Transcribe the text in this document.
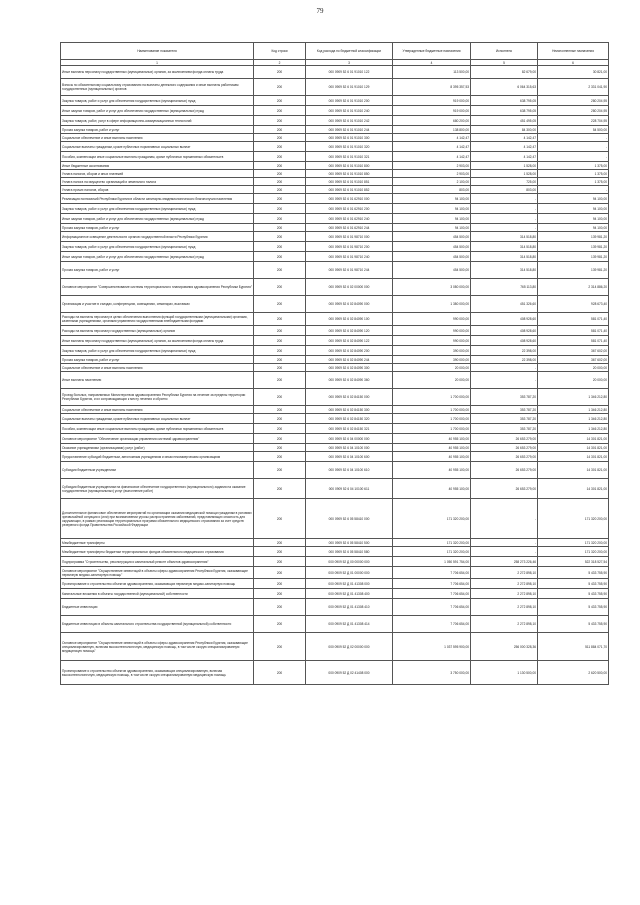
79
Наименование показателя	Код строки	Код расхода по бюджетной классификации	Утвержденные бюджетные назначения	Исполнено	Неисполненные назначения
1	2	3	4	5	6
Иные выплаты персоналу государственных (муниципальных) органов, за исключением фонда оплаты труда	200	000 0909 52 6 01 91010 122	113 500,00	82 679,00	30 821,00
Взносы по обязательному социальному страхованию на выплаты денежного содержания и иные выплаты работникам государственных (муниципальных) органов	200	000 0909 52 6 01 91010 129	8 395 357,53	6 064 315,63	2 331 041,90
Закупка товаров, работ и услуг для обеспечения государственных (муниципальных) нужд	200	000 0909 52 6 01 91010 200	919 000,00	638 795,05	280 204,95
Иные закупки товаров, работ и услуг для обеспечения государственных (муниципальных) нужд	200	000 0909 52 6 01 91010 240	919 000,00	638 795,05	280 204,95
Закупка товаров, работ, услуг в сфере информационно-коммуникационных технологий	200	000 0909 52 6 01 91010 242	680 200,00	451 495,05	228 704,95
Прочая закупка товаров, работ и услуг	200	000 0909 52 6 01 91010 244	138 800,00	84 300,00	54 500,00
Социальное обеспечение и иные выплаты населению	200	000 0909 52 6 01 91010 300	4 142,47	4 142,47	-
Социальные выплаты гражданам, кроме публичных нормативных социальных выплат	200	000 0909 52 6 01 91010 320	4 142,47	4 142,47	-
Пособия, компенсации иные социальные выплаты гражданам, кроме публичных нормативных обязательств	200	000 0909 52 6 01 91010 321	4 142,47	4 142,47	-
Иные бюджетные ассигнования	200	000 0909 52 6 01 91010 800	2 903,00	1 528,00	1 375,00
Уплата налогов, сборов и иных платежей	200	000 0909 52 6 01 91010 850	2 903,00	1 528,00	1 375,00
Уплата налога на имущество организаций и земельного налога	200	000 0909 52 6 01 91010 851	2 100,00	725,00	1 375,00
Уплата прочих налогов, сборов	200	000 0909 52 6 01 91010 852	803,00	803,00	-
Реализация полномочий Республики Бурятия в области санитарно-эпидемиологического благополучия населения	200	000 0909 52 6 01 62910 000	94 100,00	-	94 100,00
Закупка товаров, работ и услуг для обеспечения государственных (муниципальных) нужд	200	000 0909 52 6 01 62910 200	94 100,00	-	94 100,00
Иные закупки товаров, работ и услуг для обеспечения государственных (муниципальных) нужд	200	000 0909 52 6 01 62910 240	94 100,00	-	94 100,00
Прочая закупка товаров, работ и услуг	200	000 0909 52 6 01 62910 244	94 100,00	-	94 100,00
Информационное освещение деятельности органов государственной власти Республики Бурятия	200	000 0909 52 6 01 98710 000	454 500,00	314 518,80	139 981,20
Закупка товаров, работ и услуг для обеспечения государственных (муниципальных) нужд	200	000 0909 52 6 01 98710 200	454 500,00	314 518,80	139 981,20
Иные закупки товаров, работ и услуг для обеспечения государственных (муниципальных) нужд	200	000 0909 52 6 01 98710 240	454 500,00	314 518,80	139 981,20
Прочая закупка товаров, работ и услуг	200	000 0909 52 6 01 98710 244	454 500,00	314 518,80	139 981,20
Основное мероприятие "Совершенствование системы территориального планирования здравоохранения Республики Бурятия"	200	000 0909 52 6 02 00000 000	3 080 000,00	765 113,80	2 314 886,20
Организация и участие в съездах, конференциях, совещаниях, семинарах, выставках	200	000 0909 52 6 02 84090 000	1 380 000,00	451 326,60	928 673,40
Расходы на выплаты персоналу в целях обеспечения выполнения функций государственными (муниципальными) органами, казенными учреждениями, органами управления государственными внебюджетными фондами	200	000 0909 52 6 02 84090 100	990 000,00	408 928,60	581 071,40
Расходы на выплаты персоналу государственных (муниципальных) органов	200	000 0909 52 6 02 84090 120	990 000,00	408 928,60	581 071,40
Иные выплаты персоналу государственных (муниципальных) органов, за исключением фонда оплаты труда	200	000 0909 52 6 02 84090 122	990 000,00	408 928,60	581 071,40
Закупка товаров, работ и услуг для обеспечения государственных (муниципальных) нужд	200	000 0909 52 6 02 84090 200	390 000,00	22 398,00	367 602,00
Прочая закупка товаров, работ и услуг	200	000 0909 52 6 02 84090 244	390 000,00	22 398,00	367 602,00
Социальное обеспечение и иные выплаты населению	200	000 0909 52 6 02 84090 300	20 000,00	-	20 000,00
Иные выплаты населению	200	000 0909 52 6 02 84090 360	20 000,00	-	20 000,00
Проезд больных, направляемых Министерством здравоохранения Республики Бурятия на лечение за пределы территории Республики Бурятия, и их сопровождающих к месту лечения и обратно	200	000 0909 52 6 02 84150 000	1 700 000,00	353 787,20	1 346 212,80
Социальное обеспечение и иные выплаты населению	200	000 0909 52 6 02 84150 300	1 700 000,00	353 787,20	1 346 212,80
Социальные выплаты гражданам, кроме публичных нормативных социальных выплат	200	000 0909 52 6 02 84150 320	1 700 000,00	353 787,20	1 346 212,80
Пособия, компенсации иные социальные выплаты гражданам, кроме публичных нормативных обязательств	200	000 0909 52 6 02 84150 321	1 700 000,00	353 787,20	1 346 212,80
Основное мероприятие "Обеспечение организации управления системой здравоохранения"	200	000 0909 52 6 04 00000 000	40 955 100,00	26 653 279,00	14 301 821,00
Оказание учреждениями (организациями) услуг (работ)	200	000 0909 52 6 04 10100 000	40 955 100,00	26 653 279,00	14 301 821,00
Предоставление субсидий бюджетным, автономным учреждениям и иным некоммерческим организациям	200	000 0909 52 6 04 10100 600	40 955 100,00	26 653 279,00	14 301 821,00
Субсидии бюджетным учреждениям	200	000 0909 52 6 04 10100 610	40 955 100,00	26 653 279,00	14 301 821,00
Субсидии бюджетным учреждениям на финансовое обеспечение государственного (муниципального) задания на оказание государственных (муниципальных) услуг (выполнение работ)	200	000 0909 52 6 04 10100 611	40 955 100,00	26 653 279,00	14 301 821,00
Дополнительное финансовое обеспечение мероприятий по организации оказания медицинской помощи гражданам в условиях чрезвычайной ситуации и (или) при возникновении угрозы распространения заболеваний, представляющих опасность для окружающих, в рамках реализации территориальных программ обязательного медицинского страхования за счет средств резервного фонда Правительства Российской Федерации	200	000 0909 52 6 05 58410 000	171 320 200,00	-	171 320 200,00
Межбюджетные трансферты	200	000 0909 52 6 05 58410 500	171 320 200,00	-	171 320 200,00
Межбюджетные трансферты бюджетам территориальных фондов обязательного медицинского страхования	200	000 0909 52 6 05 58410 580	171 320 200,00	-	171 320 200,00
Подпрограмма "Строительство, реконструкция и капитальный ремонт объектов здравоохранения"	200	000 0909 52 Д 00 00000 000	1 050 591 754,00	258 273 226,46	522 318 527,54
Основное мероприятие "Осуществление инвестиций в объекты сферы здравоохранения Республики Бурятия, оказывающие первичную медико-санитарную помощь"	200	000 0909 52 Д 01 00000 000	7 706 654,00	2 272 898,10	5 433 755,90
Проектирование и строительство объектов здравоохранения, оказывающих первичную медико-санитарную помощь	200	000 0909 52 Д 01 41308 000	7 706 654,00	2 272 898,10	5 433 755,90
Капитальные вложения в объекты государственной (муниципальной) собственности	200	000 0909 52 Д 01 41308 400	7 706 654,00	2 272 898,10	5 433 755,90
Бюджетные инвестиции	200	000 0909 52 Д 01 41308 410	7 706 654,00	2 272 898,10	5 433 755,90
Бюджетные инвестиции в объекты капитального строительства государственной (муниципальной) собственности	200	000 0909 52 Д 01 41308 414	7 706 654,00	2 272 898,10	5 433 755,90
Основное мероприятие "Осуществление инвестиций в объекты сферы здравоохранения Республики Бурятия, оказывающие специализированную, включая высокотехнологичную, медицинскую помощь, в том числе скорую специализированную медицинскую помощь"	200	000 0909 52 Д 02 00000 000	1 037 595 900,00	256 000 328,36	511 884 071,70
Проектирование и строительство объектов здравоохранения, оказывающих специализированную, включая высокотехнологичную, медицинскую помощь, в том числе скорую специализированную медицинскую помощь	200	000 0909 52 Д 02 41408 000	3 750 000,00	1 130 500,00	2 620 500,00
